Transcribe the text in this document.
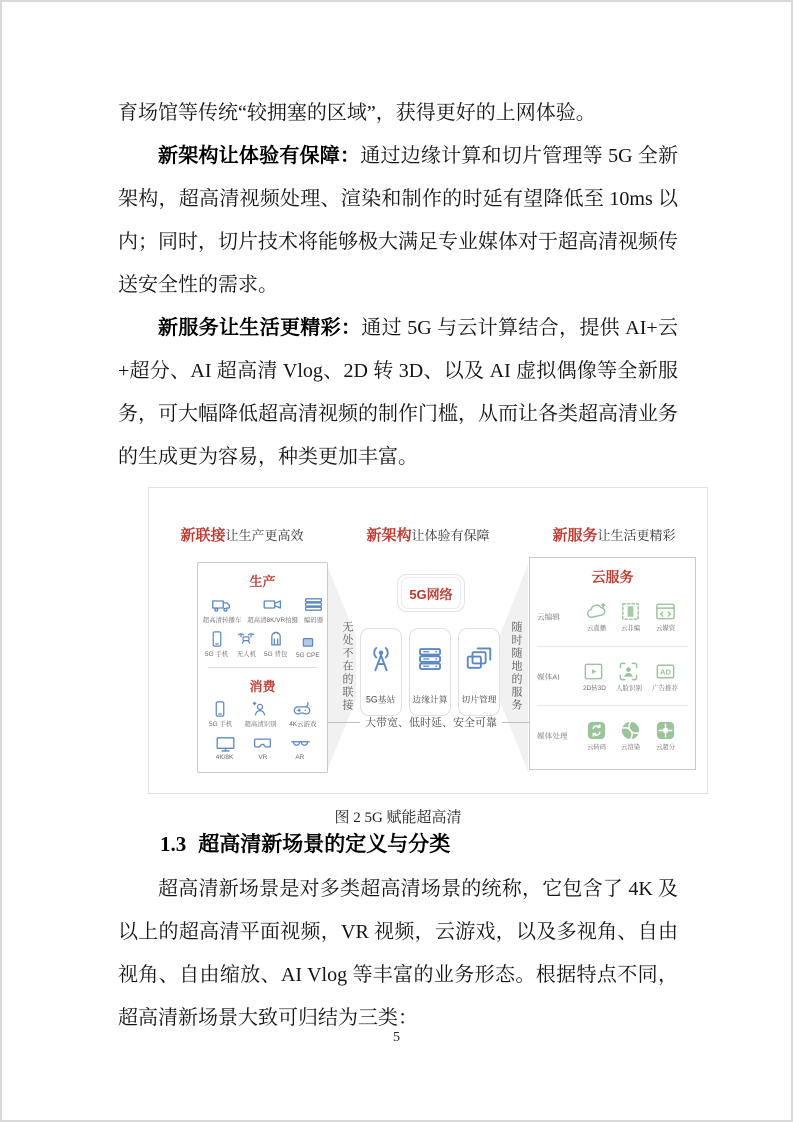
育场馆等传统“较拥塞的区域”，获得更好的上网体验。

新架构让体验有保障：通过边缘计算和切片管理等 5G 全新架构，超高清视频处理、渲染和制作的时延有望降低至 10ms 以内；同时，切片技术将能够极大满足专业媒体对于超高清视频传送安全性的需求。

新服务让生活更精彩：通过 5G 与云计算结合，提供 AI+云+超分、AI 超高清 Vlog、2D 转 3D、以及 AI 虚拟偶像等全新服务，可大幅降低超高清视频的制作门槛，从而让各类超高清业务的生成更为容易，种类更加丰富。

新联接让生产更高效	新架构让体验有保障	新服务让生活更精彩
生产
超高清转播车 超高清8K/VR拍摄 编码器
5G 手机 无人机 5G 背包 5G CPE
消费
5G 手机 超高清识别 4K云游戏
4K/8K	VR	AR
无处不在的联接	随时随地的服务
5G网络
5G基站 边缘计算 切片管理
大带宽、低时延、安全可靠
云服务
云编辑
云直播 云非编 云媒资
媒体AI
2D转3D 人脸识别
AD
广告推荐
媒体处理
云转码 云渲染 云超分
图 2 5G 赋能超高清
1.3 超高清新场景的定义与分类
超高清新场景是对多类超高清场景的统称，它包含了 4K 及以上的超高清平面视频，VR 视频，云游戏，以及多视角、自由视角、自由缩放、AI Vlog 等丰富的业务形态。根据特点不同，超高清新场景大致可归结为三类：
5
